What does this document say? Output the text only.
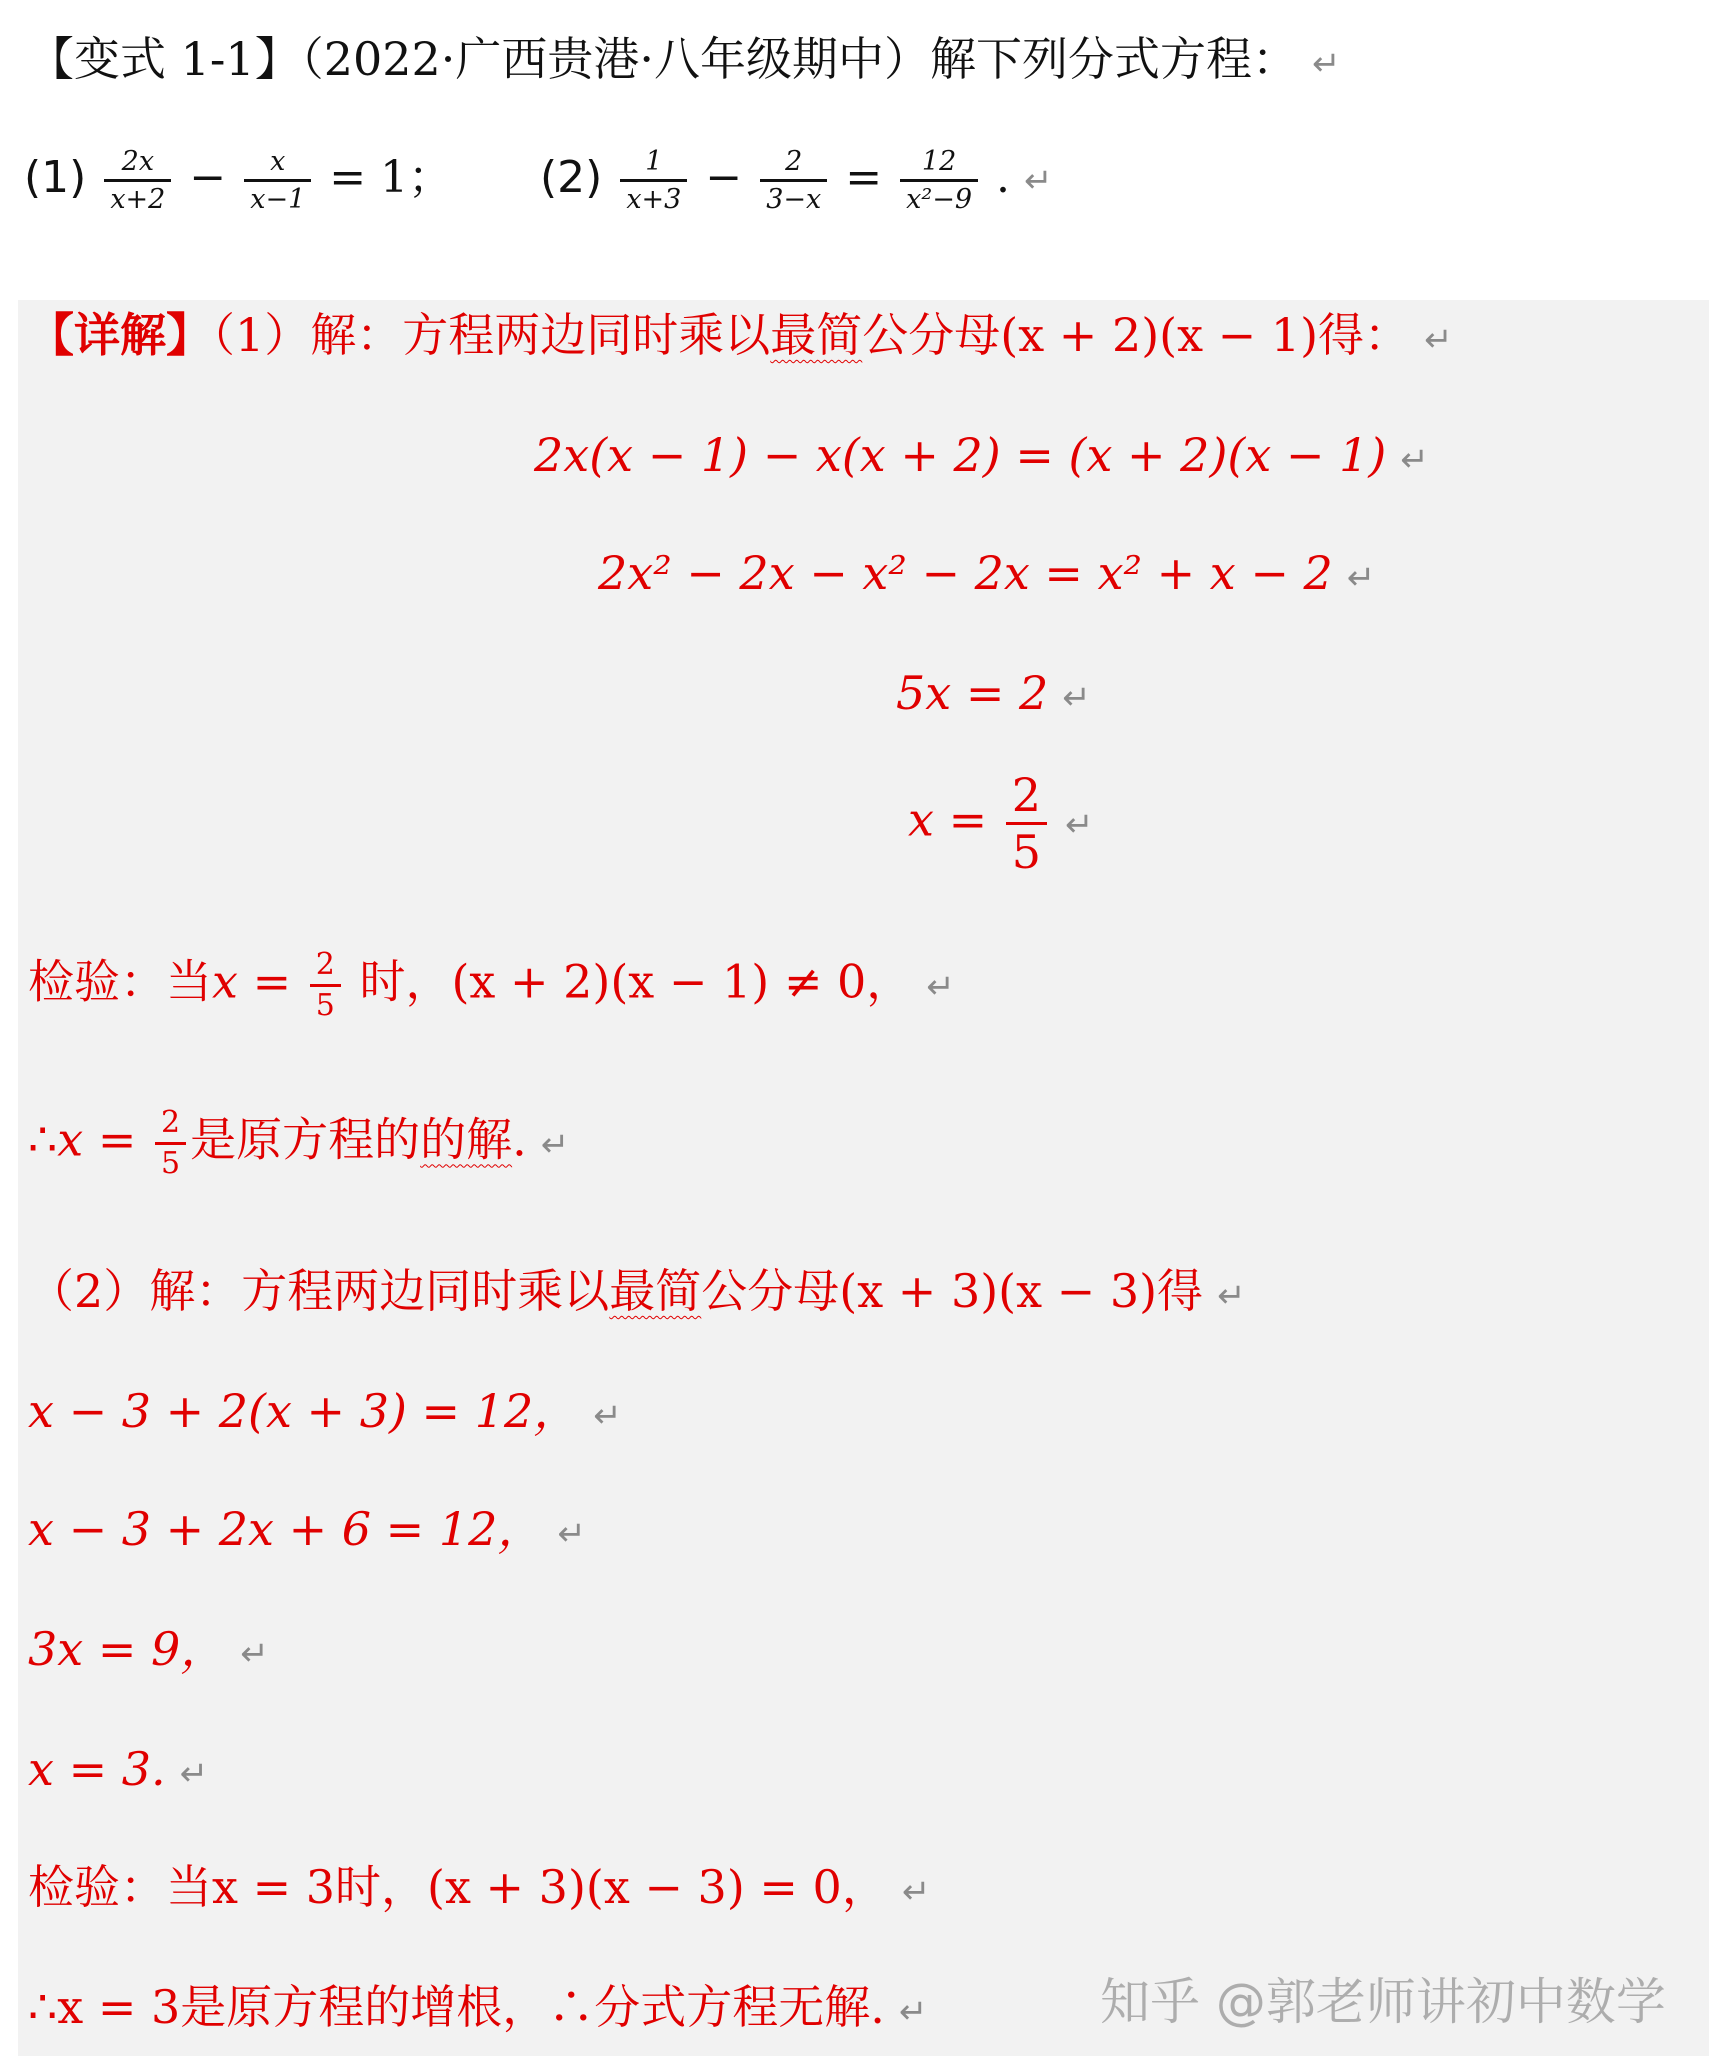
【变式 1-1】（2022·广西贵港·八年级期中）解下列分式方程： ↵
$(1) \frac{2x}{x+2} - \frac{x}{x-1} = 1$； $(2) \frac{1}{x+3} - \frac{2}{3-x} = \frac{12}{\text{x²−9}}$ . ↵
【详解】（1）解：方程两边同时乘以最简公分母(x + 2)(x − 1)得： ↵
2x(x − 1) − x(x + 2) = (x + 2)(x − 1) ↵
2x² − 2x − x² − 2x = x² + x − 2 ↵
5x = 2 ↵
$x = \frac{2}{5}$ ↵
检验：当$x = \frac{2}{5}$ 时，(x + 2)(x − 1) ≠ 0， ↵
∴x = $\frac{2}{5}$ 是原方程的的解. ↵
（2）解：方程两边同时乘以最简公分母(x + 3)(x − 3)得 ↵
x − 3 + 2(x + 3) = 12， ↵
x − 3 + 2x + 6 = 12， ↵
3x = 9， ↵
x = 3. ↵
检验：当x = 3时，(x + 3)(x − 3) = 0， ↵
∴x = 3是原方程的增根，∴分式方程无解. ↵	知乎 @郭老师讲初中数学
